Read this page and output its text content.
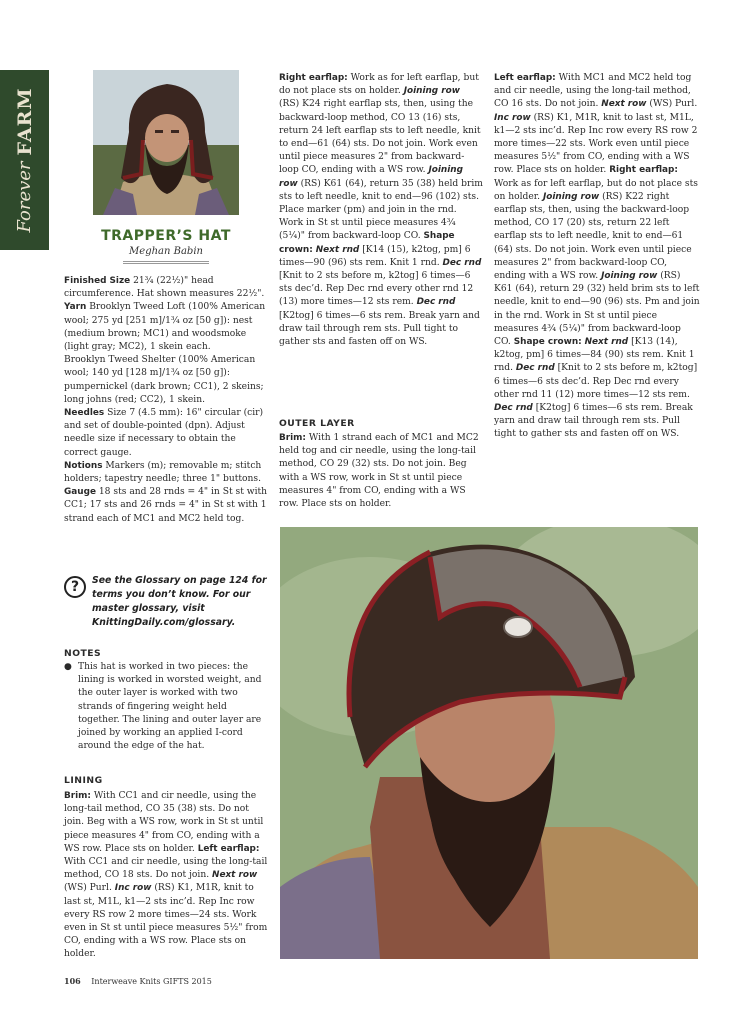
Forever
FARM
TRAPPER’S HAT
Meghan Babin

Finished Size 21¾ (22½)" head circumference. Hat shown measures 22½".

Yarn Brooklyn Tweed Loft (100% American wool; 275 yd [251 m]/1¾ oz [50 g]): nest (medium brown; MC1) and woodsmoke (light gray; MC2), 1 skein each.

Brooklyn Tweed Shelter (100% American wool; 140 yd [128 m]/1¾ oz [50 g]): pumpernickel (dark brown; CC1), 2 skeins; long johns (red; CC2), 1 skein.

Needles Size 7 (4.5 mm): 16" circular (cir) and set of double-pointed (dpn). Adjust needle size if necessary to obtain the correct gauge.

Notions Markers (m); removable m; stitch holders; tapestry needle; three 1" buttons.

Gauge 18 sts and 28 rnds = 4" in St st with CC1; 17 sts and 26 rnds = 4" in St st with 1 strand each of MC1 and MC2 held tog.

?	See the Glossary on page 124 for terms you don’t know. For our master glossary, visit KnittingDaily.com/glossary.
NOTES
● This hat is worked in two pieces: the lining is worked in worsted weight, and the outer layer is worked with two strands of fingering weight held together. The lining and outer layer are joined by working an applied I-cord around the edge of the hat.
LINING

Brim: With CC1 and cir needle, using the long-tail method, CO 35 (38) sts. Do not join. Beg with a WS row, work in St st until piece measures 4" from CO, ending with a WS row. Place sts on holder. Left earflap: With CC1 and cir needle, using the long-tail method, CO 18 sts. Do not join. Next row (WS) Purl. Inc row (RS) K1, M1R, knit to last st, M1L, k1—2 sts inc’d. Rep Inc row every RS row 2 more times—24 sts. Work even in St st until piece measures 5½" from CO, ending with a WS row. Place sts on holder.

Right earflap: Work as for left earflap, but do not place sts on holder. Joining row (RS) K24 right earflap sts, then, using the backward-loop method, CO 13 (16) sts, return 24 left earflap sts to left needle, knit to end—61 (64) sts. Do not join. Work even until piece measures 2" from backward-loop CO, ending with a WS row. Joining row (RS) K61 (64), return 35 (38) held brim sts to left needle, knit to end—96 (102) sts. Place marker (pm) and join in the rnd. Work in St st until piece measures 4¾ (5¼)" from backward-loop CO. Shape crown: Next rnd [K14 (15), k2tog, pm] 6 times—90 (96) sts rem. Knit 1 rnd. Dec rnd [Knit to 2 sts before m, k2tog] 6 times—6 sts dec’d. Rep Dec rnd every other rnd 12 (13) more times—12 sts rem. Dec rnd [K2tog] 6 times—6 sts rem. Break yarn and draw tail through rem sts. Pull tight to gather sts and fasten off on WS.

OUTER LAYER

Brim: With 1 strand each of MC1 and MC2 held tog and cir needle, using the long-tail method, CO 29 (32) sts. Do not join. Beg with a WS row, work in St st until piece measures 4" from CO, ending with a WS row. Place sts on holder.

Left earflap: With MC1 and MC2 held tog and cir needle, using the long-tail method, CO 16 sts. Do not join. Next row (WS) Purl. Inc row (RS) K1, M1R, knit to last st, M1L, k1—2 sts inc’d. Rep Inc row every RS row 2 more times—22 sts. Work even until piece measures 5½" from CO, ending with a WS row. Place sts on holder. Right earflap: Work as for left earflap, but do not place sts on holder. Joining row (RS) K22 right earflap sts, then, using the backward-loop method, CO 17 (20) sts, return 22 left earflap sts to left needle, knit to end—61 (64) sts. Do not join. Work even until piece measures 2" from backward-loop CO, ending with a WS row. Joining row (RS) K61 (64), return 29 (32) held brim sts to left needle, knit to end—90 (96) sts. Pm and join in the rnd. Work in St st until piece measures 4¾ (5¼)" from backward-loop CO. Shape crown: Next rnd [K13 (14), k2tog, pm] 6 times—84 (90) sts rem. Knit 1 rnd. Dec rnd [Knit to 2 sts before m, k2tog] 6 times—6 sts dec’d. Rep Dec rnd every other rnd 11 (12) more times—12 sts rem. Dec rnd [K2tog] 6 times—6 sts rem. Break yarn and draw tail through rem sts. Pull tight to gather sts and fasten off on WS.

106 Interweave Knits GIFTS 2015
